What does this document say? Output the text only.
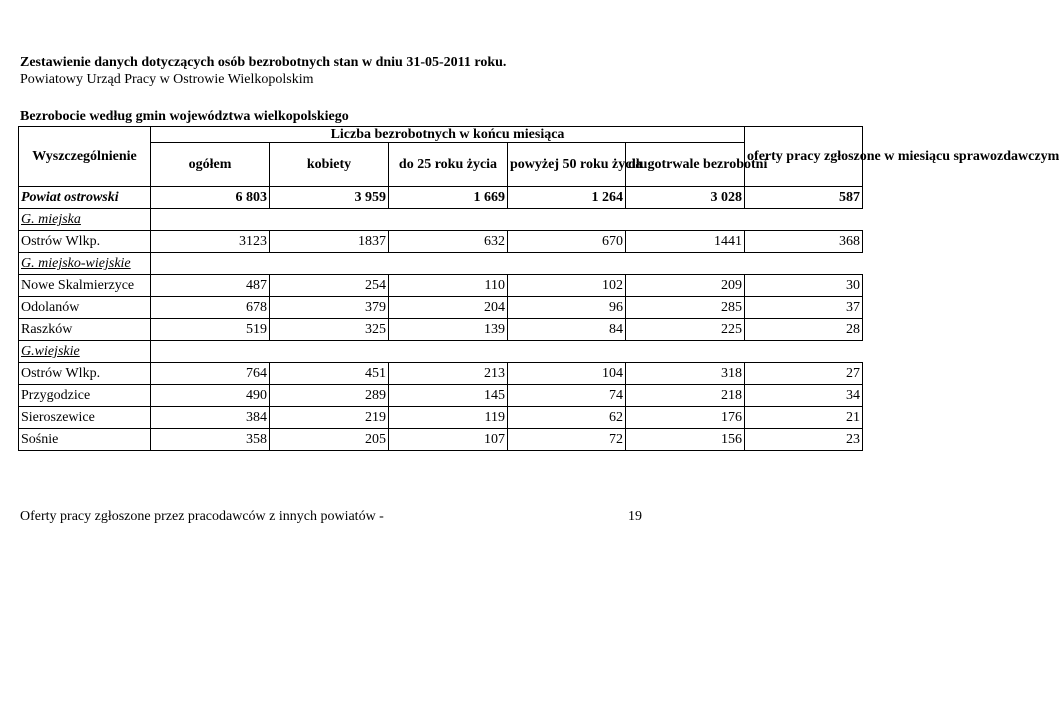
Zestawienie danych dotyczących osób bezrobotnych stan w dniu 31-05-2011 roku.
Powiatowy Urząd Pracy w Ostrowie Wielkopolskim
Bezrobocie według gmin województwa wielkopolskiego
Wyszczególnienie	Liczba bezrobotnych w końcu miesiąca					oferty pracy zgłoszone w miesiącu sprawozdawczym
	ogółem	kobiety	do 25 roku życia	powyżej 50 roku życia	długotrwale bezrobotni	
Powiat ostrowski	6 803	3 959	1 669	1 264	3 028	587
G. miejska						
Ostrów Wlkp.	3123	1837	632	670	1441	368
G. miejsko-wiejskie						
Nowe Skalmierzyce	487	254	110	102	209	30
Odolanów	678	379	204	96	285	37
Raszków	519	325	139	84	225	28
G.wiejskie						
Ostrów Wlkp.	764	451	213	104	318	27
Przygodzice	490	289	145	74	218	34
Sieroszewice	384	219	119	62	176	21
Sośnie	358	205	107	72	156	23
Oferty pracy zgłoszone przez pracodawców z innych powiatów -	19
